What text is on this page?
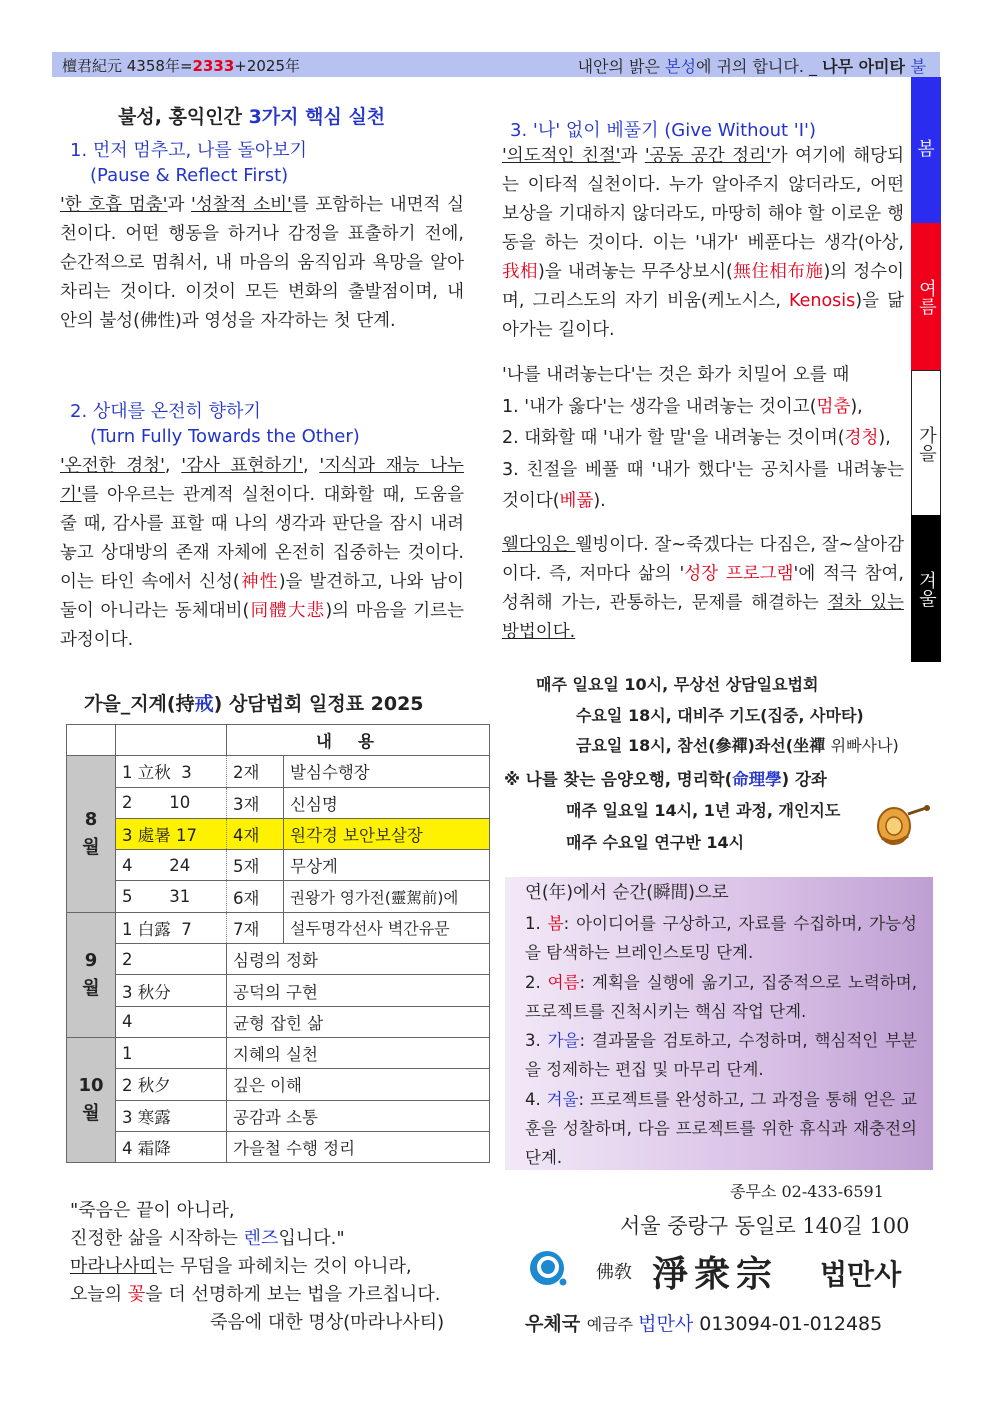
檀君紀元 4358年=2333+2025年	내안의 밝은 본성에 귀의 합니다. _ 나무 아미타 불
봄
여름
가을
겨울
불성, 홍익인간 3가지 핵심 실천
1. 먼저 멈추고, 나를 돌아보기
(Pause & Reflect First)
'한 호흡 멈춤'과 '성찰적 소비'를 포함하는 내면적 실천이다. 어떤 행동을 하거나 감정을 표출하기 전에, 순간적으로 멈춰서, 내 마음의 움직임과 욕망을 알아차리는 것이다. 이것이 모든 변화의 출발점이며, 내 안의 불성(佛性)과 영성을 자각하는 첫 단계.
2. 상대를 온전히 향하기
(Turn Fully Towards the Other)
'온전한 경청', '감사 표현하기', '지식과 재능 나누기'를 아우르는 관계적 실천이다. 대화할 때, 도움을 줄 때, 감사를 표할 때 나의 생각과 판단을 잠시 내려놓고 상대방의 존재 자체에 온전히 집중하는 것이다. 이는 타인 속에서 신성(神性)을 발견하고, 나와 남이 둘이 아니라는 동체대비(同體大悲)의 마음을 기르는 과정이다.
3. '나' 없이 베풀기 (Give Without 'I')
'의도적인 친절'과 '공동 공간 정리'가 여기에 해당되는 이타적 실천이다. 누가 알아주지 않더라도, 어떤 보상을 기대하지 않더라도, 마땅히 해야 할 이로운 행동을 하는 것이다. 이는 '내가' 베푼다는 생각(아상, 我相)을 내려놓는 무주상보시(無住相布施)의 정수이며, 그리스도의 자기 비움(케노시스, Kenosis)을 닮아가는 길이다.
'나를 내려놓는다'는 것은 화가 치밀어 오를 때
1. '내가 옳다'는 생각을 내려놓는 것이고(멈춤),
2. 대화할 때 '내가 할 말'을 내려놓는 것이며(경청),
3. 친절을 베풀 때 '내가 했다'는 공치사를 내려놓는 것이다(베풂).
웰다잉은 웰빙이다. 잘~죽겠다는 다짐은, 잘~살아감이다. 즉, 저마다 삶의 '성장 프로그램'에 적극 참여, 성취해 가는, 관통하는, 문제를 해결하는 절차 있는 방법이다.
가을_지계(持戒) 상담법회 일정표 2025
		내용	
8
월	1 立秋  3	2재	발심수행장
	2       10	3재	신심명
	3 處暑 17	4재	원각경 보안보살장
	4       24	5재	무상게
	5       31	6재	권왕가 영가전(靈駕前)에
9
월	1 白露  7	7재	설두명각선사 벽간유문
	2	심령의 정화	
	3 秋分	공덕의 구현	
	4	균형 잡힌 삶	
10
월	1	지혜의 실천	
	2 秋夕	깊은 이해	
	3 寒露	공감과 소통	
	4 霜降	가을철 수행 정리	
매주 일요일 10시, 무상선 상담일요법회
수요일 18시, 대비주 기도(집중, 사마타)
금요일 18시, 참선(參禪)좌선(坐禪 위빠사나)
※ 나를 찾는 음양오행, 명리학(命理學) 강좌
매주 일요일 14시, 1년 과정, 개인지도
매주 수요일 연구반 14시
연(年)에서 순간(瞬間)으로
1. 봄: 아이디어를 구상하고, 자료를 수집하며, 가능성을 탐색하는 브레인스토밍 단계.
2. 여름: 계획을 실행에 옮기고, 집중적으로 노력하며, 프로젝트를 진척시키는 핵심 작업 단계.
3. 가을: 결과물을 검토하고, 수정하며, 핵심적인 부분을 정제하는 편집 및 마무리 단계.
4. 겨울: 프로젝트를 완성하고, 그 과정을 통해 얻은 교훈을 성찰하며, 다음 프로젝트를 위한 휴식과 재충전의 단계.
"죽음은 끝이 아니라,
진정한 삶을 시작하는 렌즈입니다."
마라나사띠는 무덤을 파헤치는 것이 아니라,
오늘의 꽃을 더 선명하게 보는 법을 가르칩니다.
죽음에 대한 명상(마라나사티)
종무소 02-433-6591
서울 중랑구 동일로 140길 100
佛敎 淨衆宗 법만사
우체국 예금주 법만사 013094-01-012485
